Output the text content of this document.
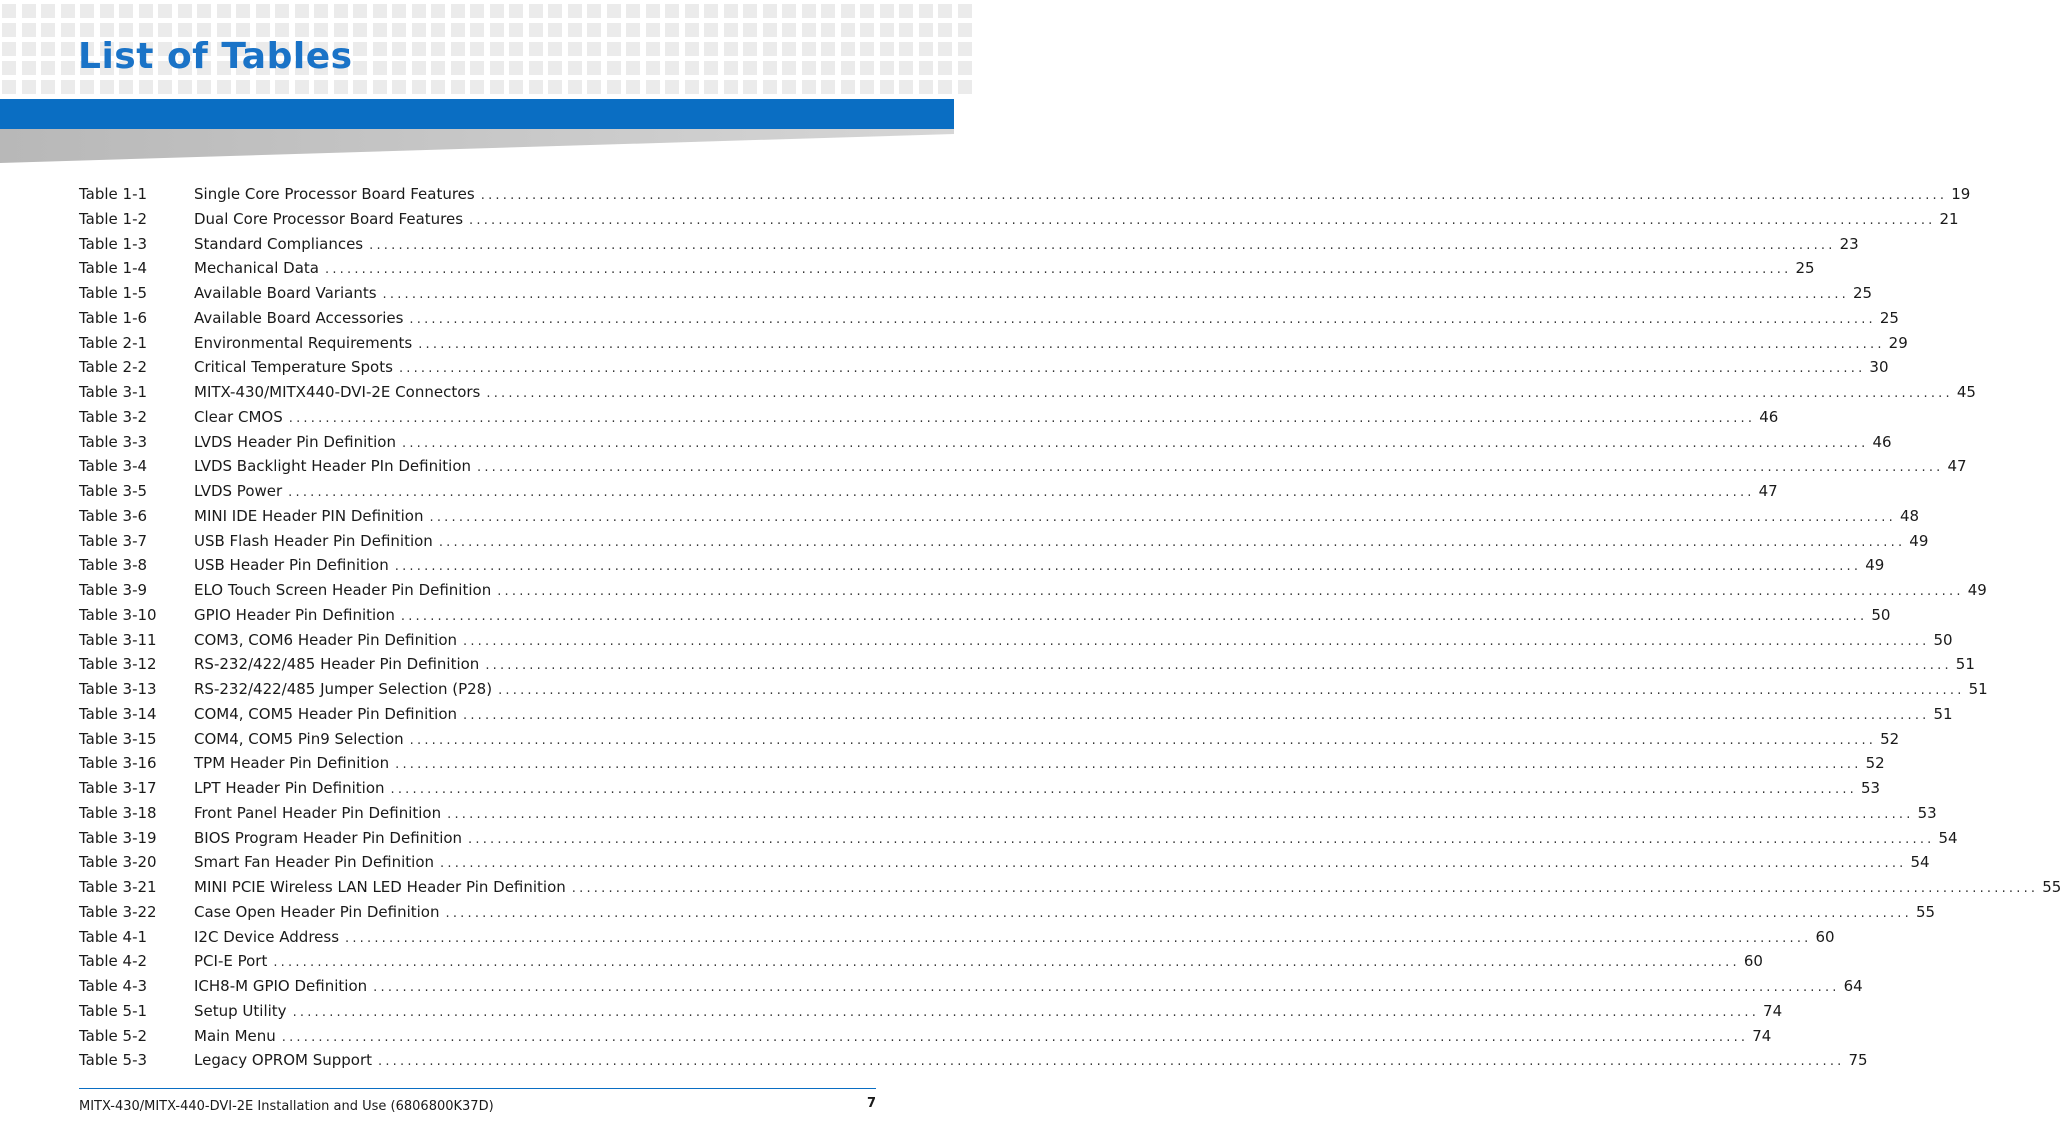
List of Tables
Table 1-1	Single Core Processor Board Features ........................................................................................................................................................................................................ 19
Table 1-2	Dual Core Processor Board Features ........................................................................................................................................................................................................ 21
Table 1-3	Standard Compliances ........................................................................................................................................................................................................ 23
Table 1-4	Mechanical Data ........................................................................................................................................................................................................ 25
Table 1-5	Available Board Variants ........................................................................................................................................................................................................ 25
Table 1-6	Available Board Accessories ........................................................................................................................................................................................................ 25
Table 2-1	Environmental Requirements ........................................................................................................................................................................................................ 29
Table 2-2	Critical Temperature Spots ........................................................................................................................................................................................................ 30
Table 3-1	MITX-430/MITX440-DVI-2E Connectors ........................................................................................................................................................................................................ 45
Table 3-2	Clear CMOS ........................................................................................................................................................................................................ 46
Table 3-3	LVDS Header Pin Definition ........................................................................................................................................................................................................ 46
Table 3-4	LVDS Backlight Header PIn Definition ........................................................................................................................................................................................................ 47
Table 3-5	LVDS Power ........................................................................................................................................................................................................ 47
Table 3-6	MINI IDE Header PIN Definition ........................................................................................................................................................................................................ 48
Table 3-7	USB Flash Header Pin Definition ........................................................................................................................................................................................................ 49
Table 3-8	USB Header Pin Definition ........................................................................................................................................................................................................ 49
Table 3-9	ELO Touch Screen Header Pin Definition ........................................................................................................................................................................................................ 49
Table 3-10	GPIO Header Pin Definition ........................................................................................................................................................................................................ 50
Table 3-11	COM3, COM6 Header Pin Definition ........................................................................................................................................................................................................ 50
Table 3-12	RS-232/422/485 Header Pin Definition ........................................................................................................................................................................................................ 51
Table 3-13	RS-232/422/485 Jumper Selection (P28) ........................................................................................................................................................................................................ 51
Table 3-14	COM4, COM5 Header Pin Definition ........................................................................................................................................................................................................ 51
Table 3-15	COM4, COM5 Pin9 Selection ........................................................................................................................................................................................................ 52
Table 3-16	TPM Header Pin Definition ........................................................................................................................................................................................................ 52
Table 3-17	LPT Header Pin Definition ........................................................................................................................................................................................................ 53
Table 3-18	Front Panel Header Pin Definition ........................................................................................................................................................................................................ 53
Table 3-19	BIOS Program Header Pin Definition ........................................................................................................................................................................................................ 54
Table 3-20	Smart Fan Header Pin Definition ........................................................................................................................................................................................................ 54
Table 3-21	MINI PCIE Wireless LAN LED Header Pin Definition ........................................................................................................................................................................................................ 55
Table 3-22	Case Open Header Pin Definition ........................................................................................................................................................................................................ 55
Table 4-1	I2C Device Address ........................................................................................................................................................................................................ 60
Table 4-2	PCI-E Port ........................................................................................................................................................................................................ 60
Table 4-3	ICH8-M GPIO Definition ........................................................................................................................................................................................................ 64
Table 5-1	Setup Utility ........................................................................................................................................................................................................ 74
Table 5-2	Main Menu ........................................................................................................................................................................................................ 74
Table 5-3	Legacy OPROM Support ........................................................................................................................................................................................................ 75
MITX-430/MITX-440-DVI-2E Installation and Use (6806800K37D)	7
